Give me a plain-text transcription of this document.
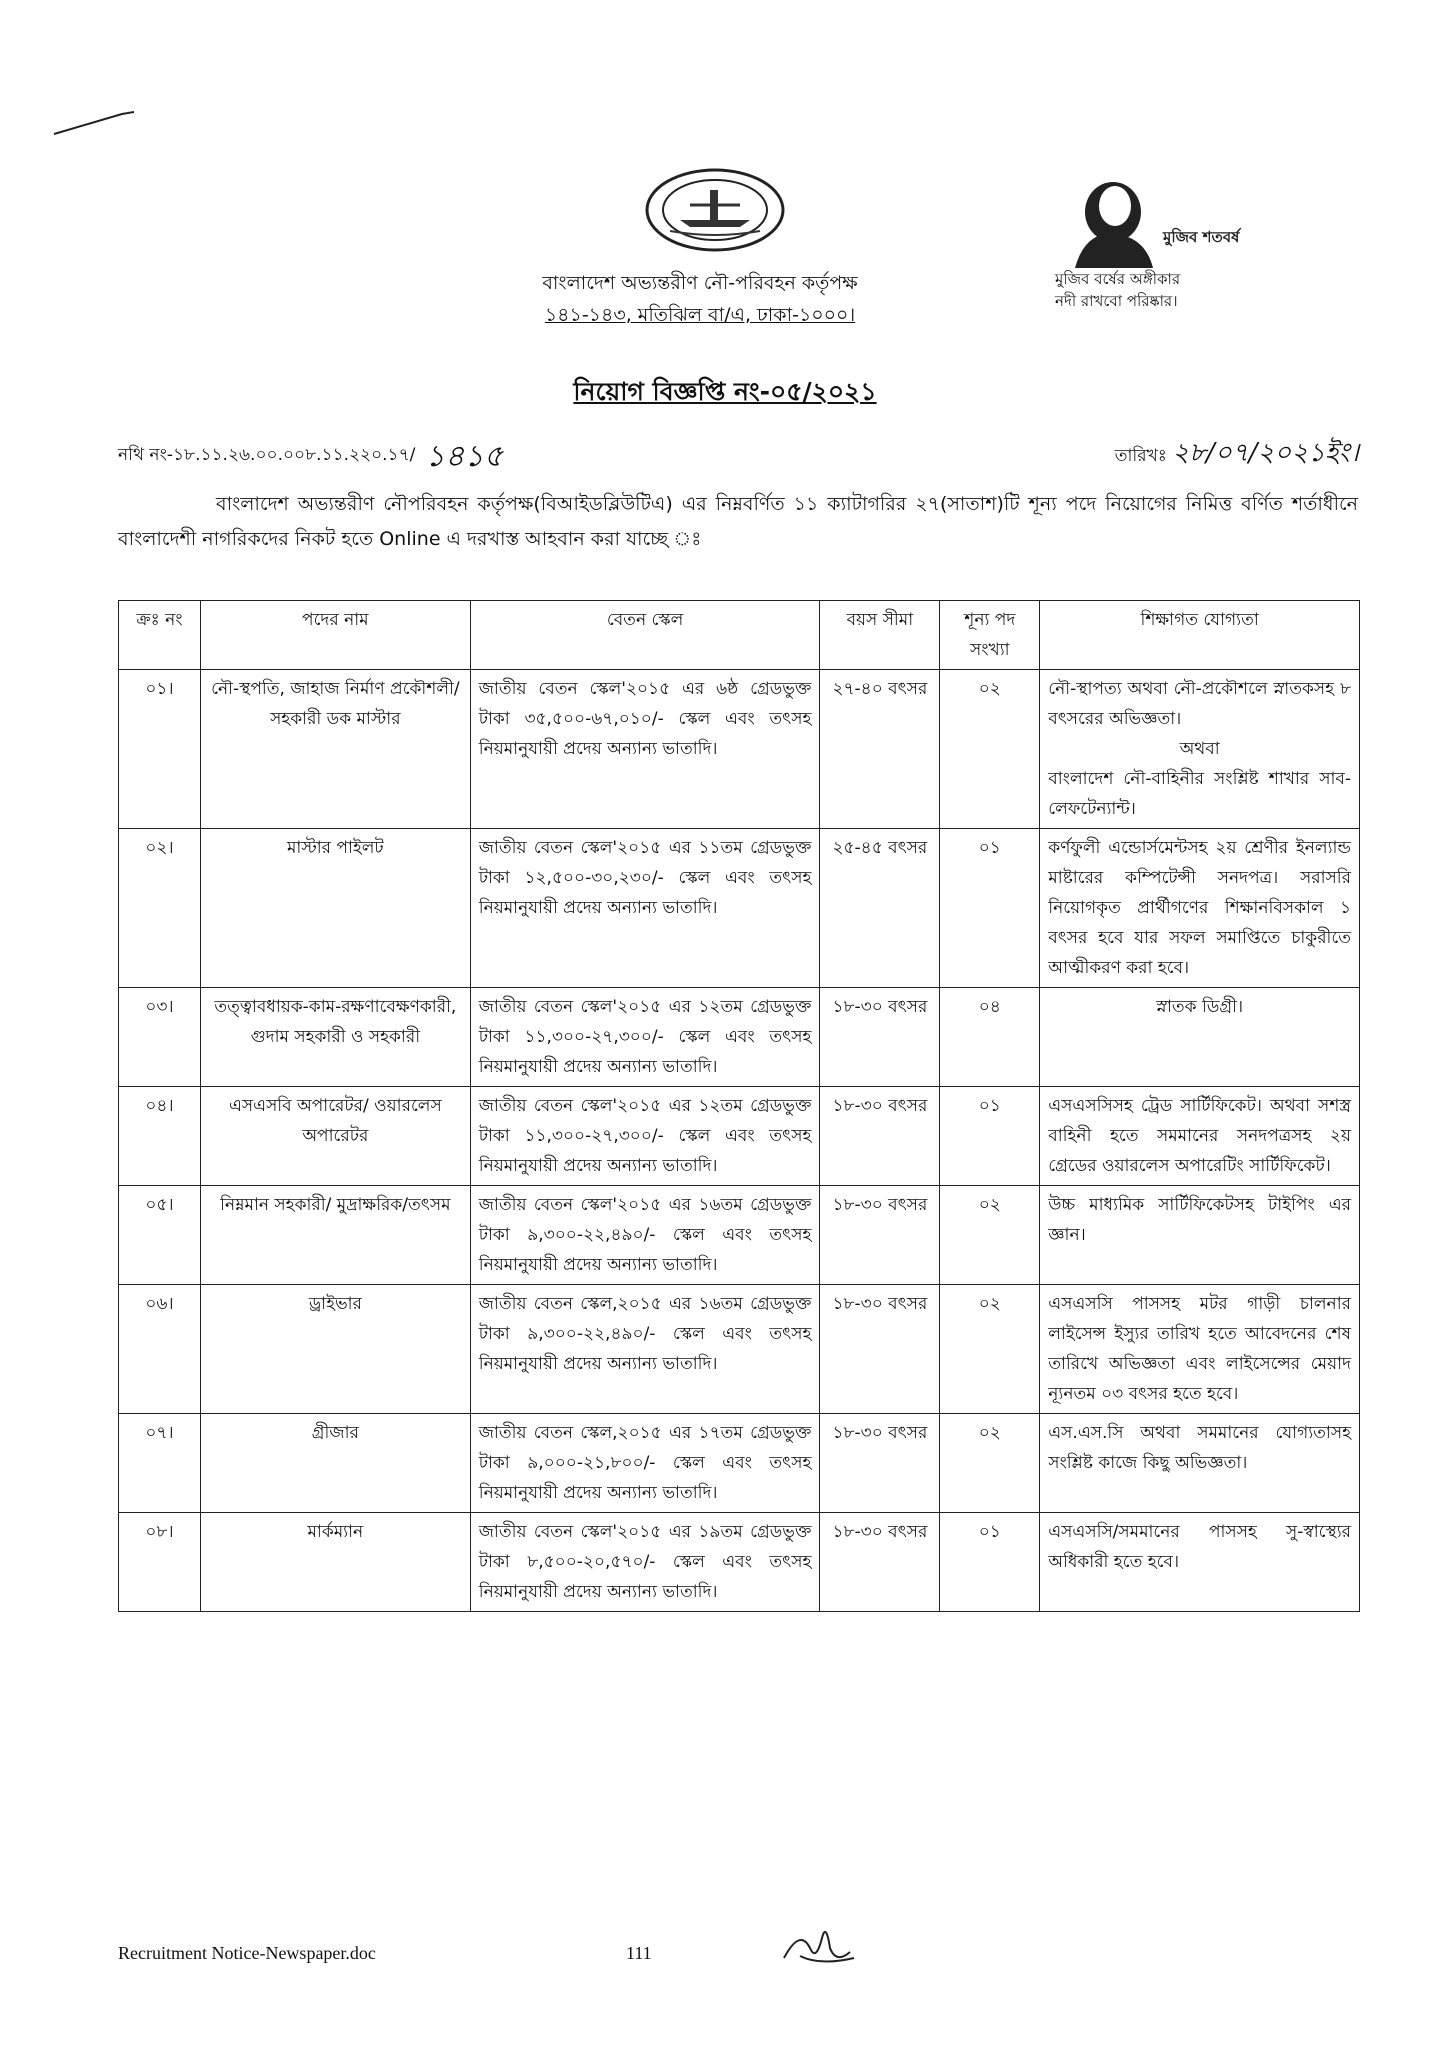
বাংলাদেশ অভ্যন্তরীণ নৌ-পরিবহন কর্তৃপক্ষ
১৪১-১৪৩, মতিঝিল বা/এ, ঢাকা-১০০০।
মুজিব শতবর্ষ
মুজিব বর্ষের অঙ্গীকার
নদী রাখবো পরিষ্কার।
নিয়োগ বিজ্ঞপ্তি নং-০৫/২০২১
নথি নং-১৮.১১.২৬.০০.০০৮.১১.২২০.১৭/ ১৪১৫	তারিখঃ ২৮/০৭/২০২১ইং।
বাংলাদেশ অভ্যন্তরীণ নৌপরিবহন কর্তৃপক্ষ(বিআইডব্লিউটিএ) এর নিম্নবর্ণিত ১১ ক্যাটাগরির ২৭(সাতাশ)টি শূন্য পদে নিয়োগের নিমিত্ত বর্ণিত শর্তাধীনে বাংলাদেশী নাগরিকদের নিকট হতে Online এ দরখাস্ত আহবান করা যাচ্ছে ঃ
ক্রঃ নং	পদের নাম	বেতন স্কেল	বয়স সীমা	শূন্য পদ সংখ্যা	শিক্ষাগত যোগ্যতা
০১।	নৌ-স্থপতি, জাহাজ নির্মাণ প্রকৌশলী/সহকারী ডক মাস্টার	জাতীয় বেতন স্কেল'২০১৫ এর ৬ষ্ঠ গ্রেডভুক্ত টাকা ৩৫,৫০০-৬৭,০১০/- স্কেল এবং তৎসহ নিয়মানুযায়ী প্রদেয় অন্যান্য ভাতাদি।	২৭-৪০ বৎসর	০২	নৌ-স্থাপত্য অথবা নৌ-প্রকৌশলে স্নাতকসহ ৮ বৎসরের অভিজ্ঞতা।
অথবা
বাংলাদেশ নৌ-বাহিনীর সংশ্লিষ্ট শাখার সাব-লেফটেন্যান্ট।
০২।	মাস্টার পাইলট	জাতীয় বেতন স্কেল'২০১৫ এর ১১তম গ্রেডভুক্ত টাকা ১২,৫০০-৩০,২৩০/- স্কেল এবং তৎসহ নিয়মানুযায়ী প্রদেয় অন্যান্য ভাতাদি।	২৫-৪৫ বৎসর	০১	কর্ণফুলী এন্ডোর্সমেন্টসহ ২য় শ্রেণীর ইনল্যান্ড মাষ্টারের কম্পিটেন্সী সনদপত্র। সরাসরি নিয়োগকৃত প্রার্থীগণের শিক্ষানবিসকাল ১ বৎসর হবে যার সফল সমাপ্তিতে চাকুরীতে আত্মীকরণ করা হবে।
০৩।	তত্ত্বাবধায়ক-কাম-রক্ষণাবেক্ষণকারী, গুদাম সহকারী ও সহকারী	জাতীয় বেতন স্কেল'২০১৫ এর ১২তম গ্রেডভুক্ত টাকা ১১,৩০০-২৭,৩০০/- স্কেল এবং তৎসহ নিয়মানুযায়ী প্রদেয় অন্যান্য ভাতাদি।	১৮-৩০ বৎসর	০৪	স্নাতক ডিগ্রী।
০৪।	এসএসবি অপারেটর/ ওয়ারলেস অপারেটর	জাতীয় বেতন স্কেল'২০১৫ এর ১২তম গ্রেডভুক্ত টাকা ১১,৩০০-২৭,৩০০/- স্কেল এবং তৎসহ নিয়মানুযায়ী প্রদেয় অন্যান্য ভাতাদি।	১৮-৩০ বৎসর	০১	এসএসসিসহ ট্রেড সার্টিফিকেট। অথবা সশস্ত্র বাহিনী হতে সমমানের সনদপত্রসহ ২য় গ্রেডের ওয়ারলেস অপারেটিং সার্টিফিকেট।
০৫।	নিম্নমান সহকারী/ মুদ্রাক্ষরিক/তৎসম	জাতীয় বেতন স্কেল'২০১৫ এর ১৬তম গ্রেডভুক্ত টাকা ৯,৩০০-২২,৪৯০/- স্কেল এবং তৎসহ নিয়মানুযায়ী প্রদেয় অন্যান্য ভাতাদি।	১৮-৩০ বৎসর	০২	উচ্চ মাধ্যমিক সার্টিফিকেটসহ টাইপিং এর জ্ঞান।
০৬।	ড্রাইভার	জাতীয় বেতন স্কেল,২০১৫ এর ১৬তম গ্রেডভুক্ত টাকা ৯,৩০০-২২,৪৯০/- স্কেল এবং তৎসহ নিয়মানুযায়ী প্রদেয় অন্যান্য ভাতাদি।	১৮-৩০ বৎসর	০২	এসএসসি পাসসহ মটর গাড়ী চালনার লাইসেন্স ইস্যুর তারিখ হতে আবেদনের শেষ তারিখে অভিজ্ঞতা এবং লাইসেন্সের মেয়াদ ন্যূনতম ০৩ বৎসর হতে হবে।
০৭।	গ্রীজার	জাতীয় বেতন স্কেল,২০১৫ এর ১৭তম গ্রেডভুক্ত টাকা ৯,০০০-২১,৮০০/- স্কেল এবং তৎসহ নিয়মানুযায়ী প্রদেয় অন্যান্য ভাতাদি।	১৮-৩০ বৎসর	০২	এস.এস.সি অথবা সমমানের যোগ্যতাসহ সংশ্লিষ্ট কাজে কিছু অভিজ্ঞতা।
০৮।	মার্কম্যান	জাতীয় বেতন স্কেল'২০১৫ এর ১৯তম গ্রেডভুক্ত টাকা ৮,৫০০-২০,৫৭০/- স্কেল এবং তৎসহ নিয়মানুযায়ী প্রদেয় অন্যান্য ভাতাদি।	১৮-৩০ বৎসর	০১	এসএসসি/সমমানের পাসসহ সু-স্বাস্থ্যের অধিকারী হতে হবে।
Recruitment Notice-Newspaper.doc	111
